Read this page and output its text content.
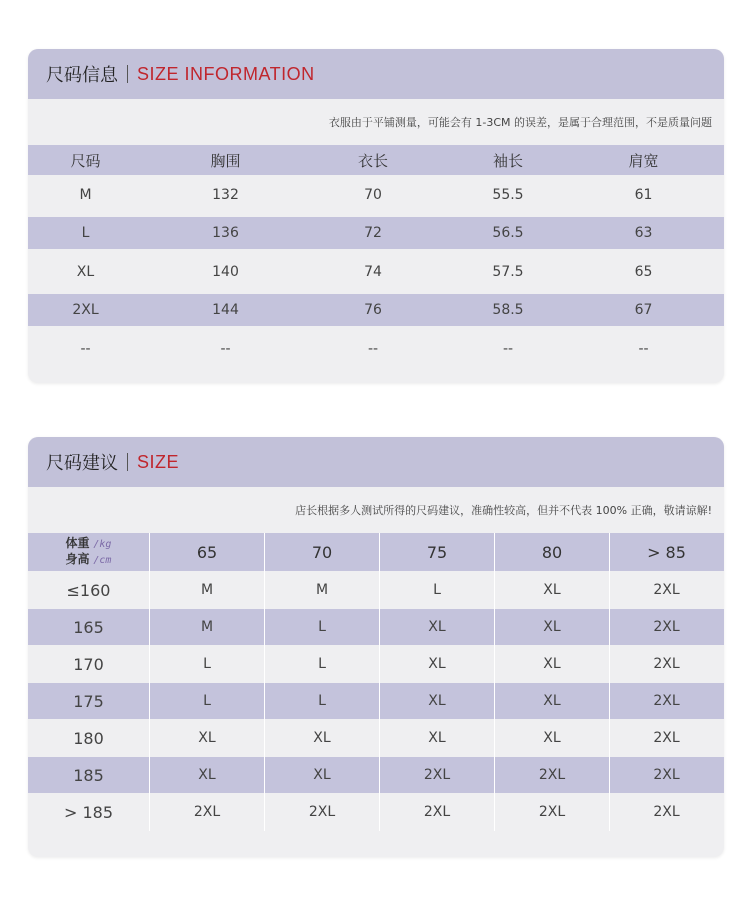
尺码信息 SIZE INFORMATION
衣服由于平铺测量，可能会有 1-3CM 的误差，是属于合理范围，不是质量问题
尺码	胸围	衣长	袖长	肩宽
M	132	70	55.5	61
L	136	72	56.5	63
XL	140	74	57.5	65
2XL	144	76	58.5	67
--	--	--	--	--
尺码建议 SIZE
店长根据多人测试所得的尺码建议，准确性较高，但并不代表 100% 正确，敬请谅解!
体重 /kg
身高 /cm	65	70	75	80	> 85
≤160	M	M	L	XL	2XL
165	M	L	XL	XL	2XL
170	L	L	XL	XL	2XL
175	L	L	XL	XL	2XL
180	XL	XL	XL	XL	2XL
185	XL	XL	2XL	2XL	2XL
> 185	2XL	2XL	2XL	2XL	2XL
